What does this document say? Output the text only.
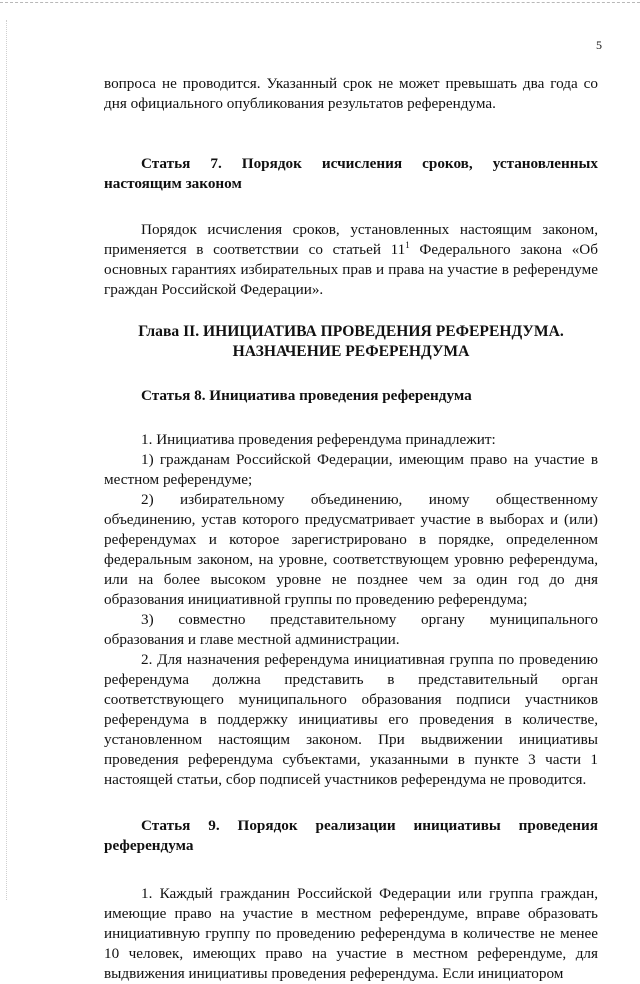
5

вопроса не проводится. Указанный срок не может превышать два года со дня официального опубликования результатов референдума.

Статья 7. Порядок исчисления сроков, установленных настоящим законом

Порядок исчисления сроков, установленных настоящим законом, применяется в соответствии со статьей $11^1$ Федерального закона «Об основных гарантиях избирательных прав и права на участие в референдуме граждан Российской Федерации».

Глава II. ИНИЦИАТИВА ПРОВЕДЕНИЯ РЕФЕРЕНДУМА.
НАЗНАЧЕНИЕ РЕФЕРЕНДУМА

Статья 8. Инициатива проведения референдума

1. Инициатива проведения референдума принадлежит:

1) гражданам Российской Федерации, имеющим право на участие в местном референдуме;

2) избирательному объединению, иному общественному объединению, устав которого предусматривает участие в выборах и (или) референдумах и которое зарегистрировано в порядке, определенном федеральным законом, на уровне, соответствующем уровню референдума, или на более высоком уровне не позднее чем за один год до дня образования инициативной группы по проведению референдума;

3) совместно представительному органу муниципального образования и главе местной администрации.

2. Для назначения референдума инициативная группа по проведению референдума должна представить в представительный орган соответствующего муниципального образования подписи участников референдума в поддержку инициативы его проведения в количестве, установленном настоящим законом. При выдвижении инициативы проведения референдума субъектами, указанными в пункте 3 части 1 настоящей статьи, сбор подписей участников референдума не проводится.

Статья 9. Порядок реализации инициативы проведения

референдума

1. Каждый гражданин Российской Федерации или группа граждан, имеющие право на участие в местном референдуме, вправе образовать инициативную группу по проведению референдума в количестве не менее 10 человек, имеющих право на участие в местном референдуме, для выдвижения инициативы проведения референдума. Если инициатором
